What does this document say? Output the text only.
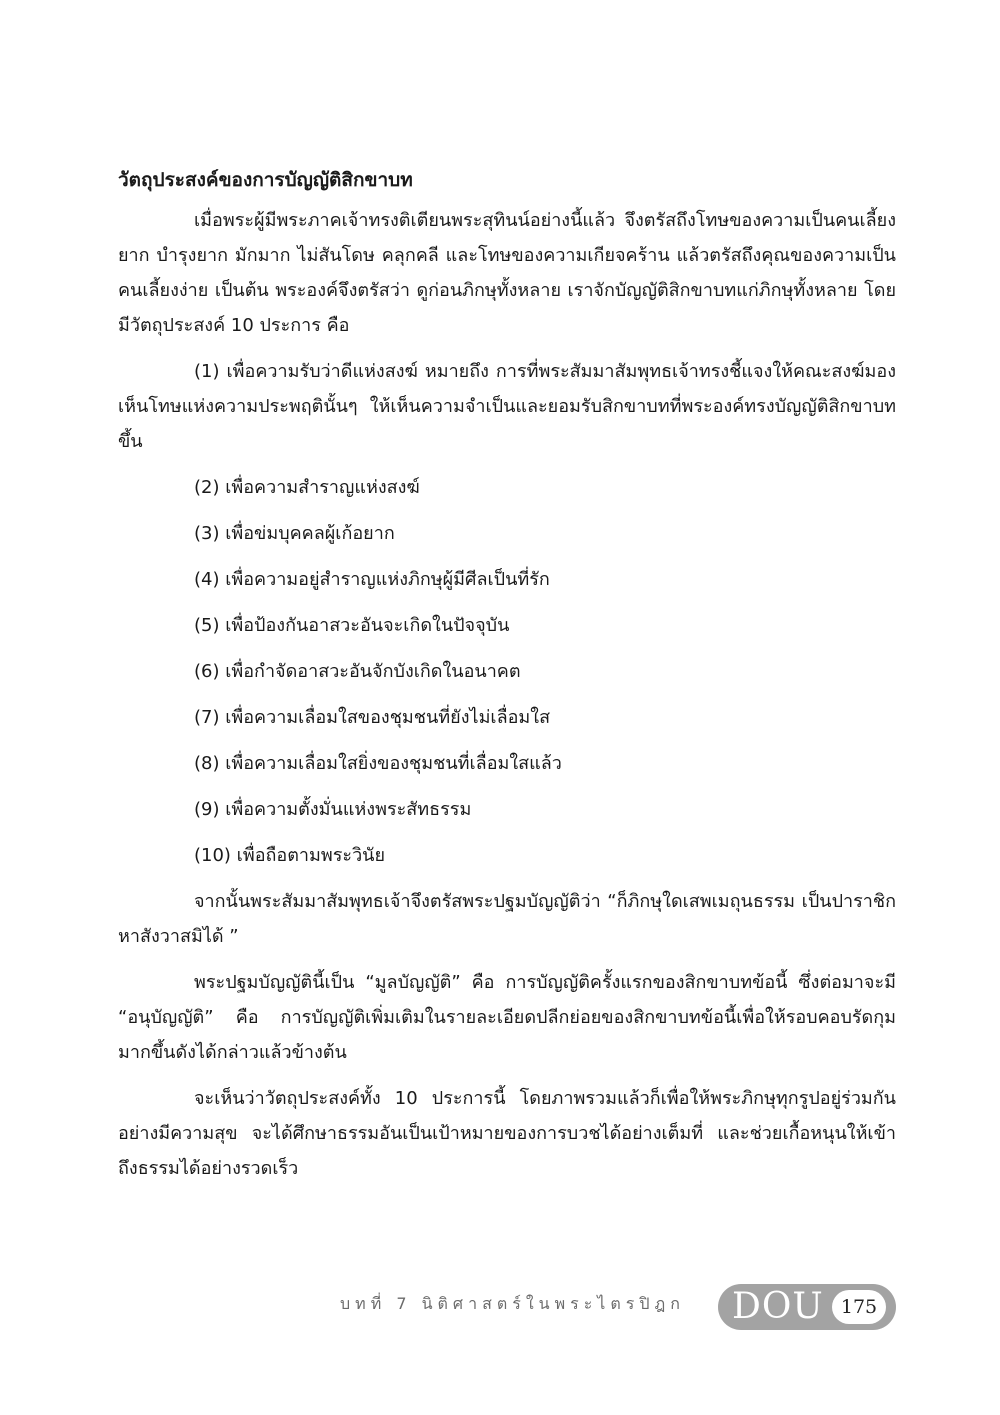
วัตถุประสงค์ของการบัญญัติสิกขาบท

เมื่อพระผู้มีพระภาคเจ้าทรงติเตียนพระสุทินน์อย่างนี้แล้ว จึงตรัสถึงโทษของความเป็นคนเลี้ยงยาก บำรุงยาก มักมาก ไม่สันโดษ คลุกคลี และโทษของความเกียจคร้าน แล้วตรัสถึงคุณของความเป็นคนเลี้ยงง่าย เป็นต้น พระองค์จึงตรัสว่า ดูก่อนภิกษุทั้งหลาย เราจักบัญญัติสิกขาบทแก่ภิกษุทั้งหลาย โดยมีวัตถุประสงค์ 10 ประการ คือ

(1) เพื่อความรับว่าดีแห่งสงฆ์ หมายถึง การที่พระสัมมาสัมพุทธเจ้าทรงชี้แจงให้คณะสงฆ์มองเห็นโทษแห่งความประพฤตินั้นๆ ให้เห็นความจำเป็นและยอมรับสิกขาบทที่พระองค์ทรงบัญญัติสิกขาบทขึ้น

(2) เพื่อความสำราญแห่งสงฆ์
(3) เพื่อข่มบุคคลผู้เก้อยาก
(4) เพื่อความอยู่สำราญแห่งภิกษุผู้มีศีลเป็นที่รัก
(5) เพื่อป้องกันอาสวะอันจะเกิดในปัจจุบัน
(6) เพื่อกำจัดอาสวะอันจักบังเกิดในอนาคต
(7) เพื่อความเลื่อมใสของชุมชนที่ยังไม่เลื่อมใส
(8) เพื่อความเลื่อมใสยิ่งของชุมชนที่เลื่อมใสแล้ว
(9) เพื่อความตั้งมั่นแห่งพระสัทธรรม
(10) เพื่อถือตามพระวินัย

จากนั้นพระสัมมาสัมพุทธเจ้าจึงตรัสพระปฐมบัญญัติว่า “ก็ภิกษุใดเสพเมถุนธรรม เป็นปาราชิก หาสังวาสมิได้ ”

พระปฐมบัญญัตินี้เป็น “มูลบัญญัติ” คือ การบัญญัติครั้งแรกของสิกขาบทข้อนี้ ซึ่งต่อมาจะมี “อนุบัญญัติ” คือ การบัญญัติเพิ่มเติมในรายละเอียดปลีกย่อยของสิกขาบทข้อนี้เพื่อให้รอบคอบรัดกุมมากขึ้นดังได้กล่าวแล้วข้างต้น

จะเห็นว่าวัตถุประสงค์ทั้ง 10 ประการนี้ โดยภาพรวมแล้วก็เพื่อให้พระภิกษุทุกรูปอยู่ร่วมกันอย่างมีความสุข จะได้ศึกษาธรรมอันเป็นเป้าหมายของการบวชได้อย่างเต็มที่ และช่วยเกื้อหนุนให้เข้าถึงธรรมได้อย่างรวดเร็ว

บทที่ 7 นิติศาสตร์ในพระไตรปิฎก DOU 175
